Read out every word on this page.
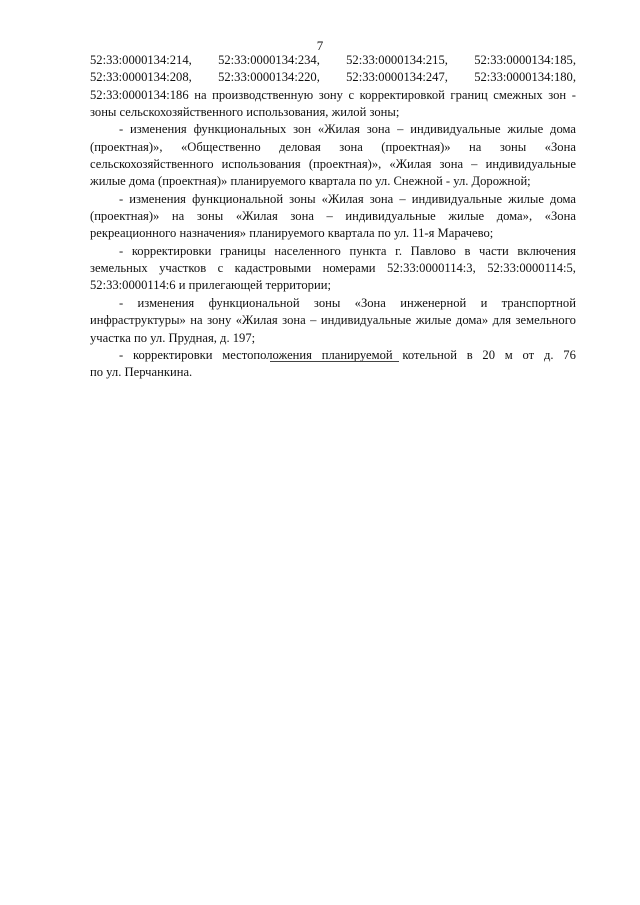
7
52:33:0000134:214, 52:33:0000134:234, 52:33:0000134:215, 52:33:0000134:185,
52:33:0000134:208, 52:33:0000134:220, 52:33:0000134:247, 52:33:0000134:180,
52:33:0000134:186 на производственную зону с корректировкой границ смежных зон -
зоны сельскохозяйственного использования, жилой зоны;
- изменения функциональных зон «Жилая зона – индивидуальные жилые дома
(проектная)», «Общественно деловая зона (проектная)» на зоны «Зона
сельскохозяйственного использования (проектная)», «Жилая зона – индивидуальные
жилые дома (проектная)» планируемого квартала по ул. Снежной - ул. Дорожной;
- изменения функциональной зоны «Жилая зона – индивидуальные жилые дома
(проектная)» на зоны «Жилая зона – индивидуальные жилые дома», «Зона
рекреационного назначения» планируемого квартала по ул. 11-я Марачево;
- корректировки границы населенного пункта г. Павлово в части включения
земельных участков с кадастровыми номерами 52:33:0000114:3, 52:33:0000114:5,
52:33:0000114:6 и прилегающей территории;
- изменения функциональной зоны «Зона инженерной и транспортной
инфраструктуры» на зону «Жилая зона – индивидуальные жилые дома» для земельного
участка по ул. Прудная, д. 197;
- корректировки местоположения планируемой котельной в 20 м от д. 76
по ул. Перчанкина.
